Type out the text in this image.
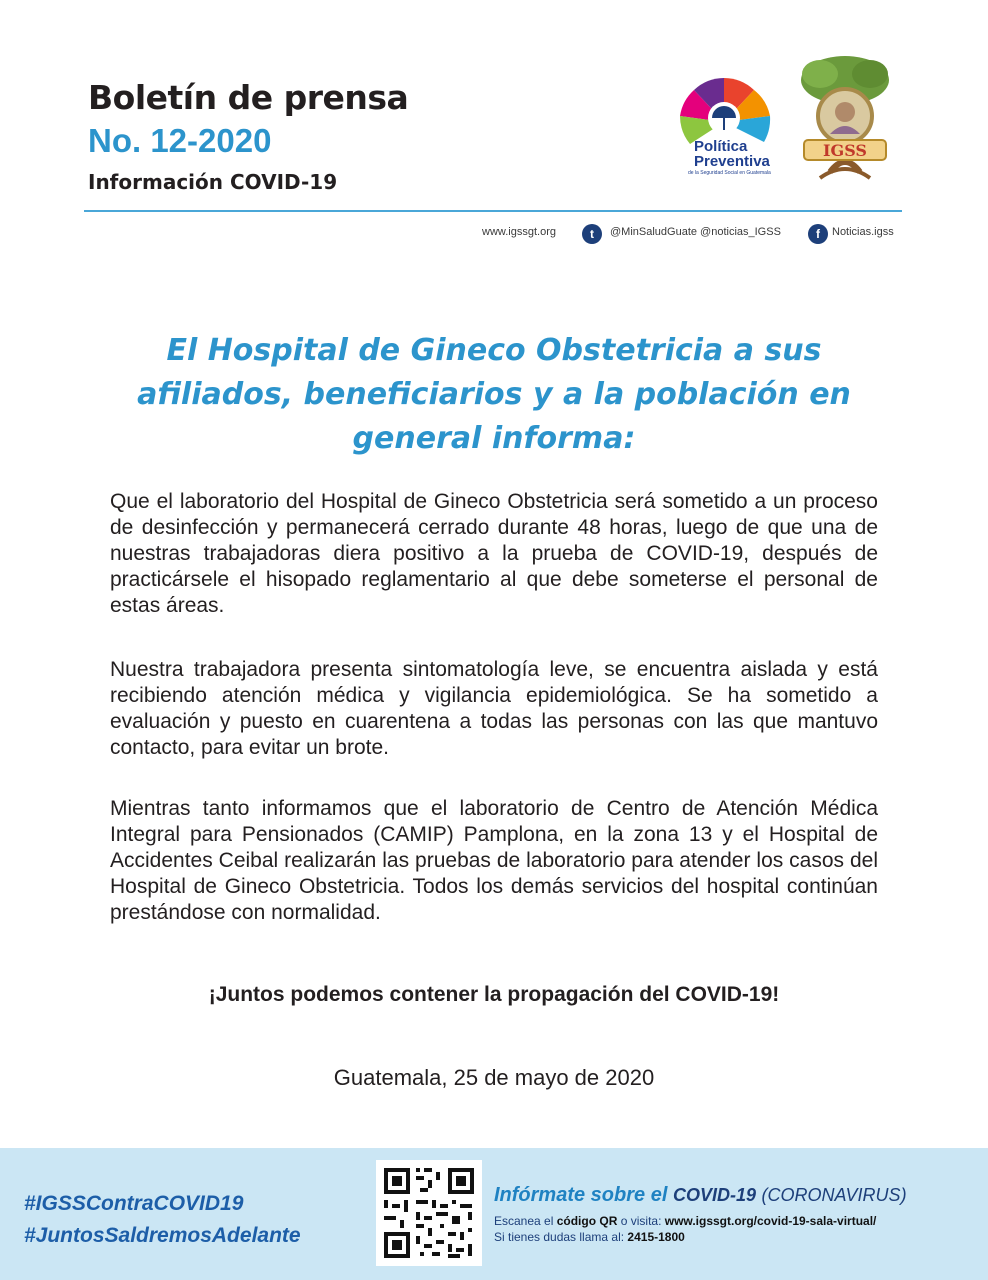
Boletín de prensa
No. 12-2020
Información COVID-19
Política
Preventiva
de la Seguridad Social en Guatemala
IGSS
www.igssgt.org	t	@MinSaludGuate @noticias_IGSS	f	Noticias.igss
El Hospital de Gineco Obstetricia a sus afiliados, beneficiarios y a la población en general informa:
Que el laboratorio del Hospital de Gineco Obstetricia será sometido a un proceso de desinfección y permanecerá cerrado durante 48 horas, luego de que una de nuestras trabajadoras diera positivo a la prueba de COVID-19, después de practicársele el hisopado reglamentario al que debe someterse el personal de estas áreas.
Nuestra trabajadora presenta sintomatología leve, se encuentra aislada y está recibiendo atención médica y vigilancia epidemiológica. Se ha sometido a evaluación y puesto en cuarentena a todas las personas con las que mantuvo contacto, para evitar un brote.
Mientras tanto informamos que el laboratorio de Centro de Atención Médica Integral para Pensionados (CAMIP) Pamplona, en la zona 13 y el Hospital de Accidentes Ceibal realizarán las pruebas de laboratorio para atender los casos del Hospital de Gineco Obstetricia. Todos los demás servicios del hospital continúan prestándose con normalidad.
¡Juntos podemos contener la propagación del COVID-19!
Guatemala, 25 de mayo de 2020
#IGSSContraCOVID19
#JuntosSaldremosAdelante
Infórmate sobre el COVID-19 (CORONAVIRUS)
Escanea el código QR o visita: www.igssgt.org/covid-19-sala-virtual/
Si tienes dudas llama al: 2415-1800
